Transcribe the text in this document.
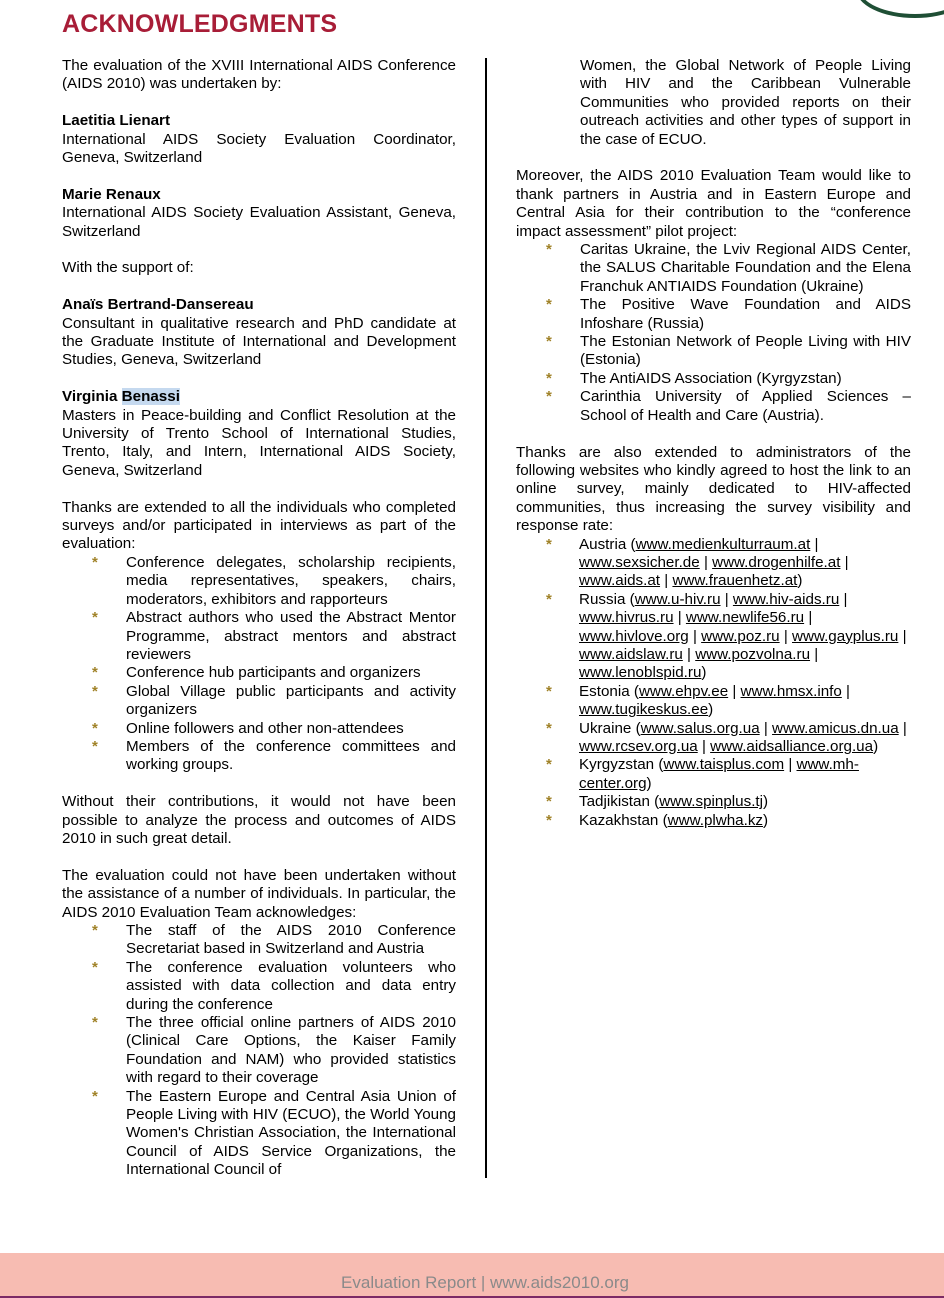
ACKNOWLEDGMENTS

The evaluation of the XVIII International AIDS Conference (AIDS 2010) was undertaken by:

Laetitia Lienart

International AIDS Society Evaluation Coordinator, Geneva, Switzerland

Marie Renaux

International AIDS Society Evaluation Assistant, Geneva, Switzerland

With the support of:

Anaïs Bertrand-Dansereau

Consultant in qualitative research and PhD candidate at the Graduate Institute of International and Development Studies, Geneva, Switzerland

Virginia Benassi

Masters in Peace-building and Conflict Resolution at the University of Trento School of International Studies, Trento, Italy, and Intern, International AIDS Society, Geneva, Switzerland

Thanks are extended to all the individuals who completed surveys and/or participated in interviews as part of the evaluation:

* Conference delegates, scholarship recipients, media representatives, speakers, chairs, moderators, exhibitors and rapporteurs
* Abstract authors who used the Abstract Mentor Programme, abstract mentors and abstract reviewers
* Conference hub participants and organizers
* Global Village public participants and activity organizers
* Online followers and other non-attendees
* Members of the conference committees and working groups.

Without their contributions, it would not have been possible to analyze the process and outcomes of AIDS 2010 in such great detail.

The evaluation could not have been undertaken without the assistance of a number of individuals. In particular, the AIDS 2010 Evaluation Team acknowledges:

* The staff of the AIDS 2010 Conference Secretariat based in Switzerland and Austria
* The conference evaluation volunteers who assisted with data collection and data entry during the conference
* The three official online partners of AIDS 2010 (Clinical Care Options, the Kaiser Family Foundation and NAM) who provided statistics with regard to their coverage
* The Eastern Europe and Central Asia Union of People Living with HIV (ECUO), the World Young Women's Christian Association, the International Council of AIDS Service Organizations, the International Council of

Women, the Global Network of People Living with HIV and the Caribbean Vulnerable Communities who provided reports on their outreach activities and other types of support in the case of ECUO.

Moreover, the AIDS 2010 Evaluation Team would like to thank partners in Austria and in Eastern Europe and Central Asia for their contribution to the “conference impact assessment” pilot project:

* Caritas Ukraine, the Lviv Regional AIDS Center, the SALUS Charitable Foundation and the Elena Franchuk ANTIAIDS Foundation (Ukraine)
* The Positive Wave Foundation and AIDS Infoshare (Russia)
* The Estonian Network of People Living with HIV (Estonia)
* The AntiAIDS Association (Kyrgyzstan)
* Carinthia University of Applied Sciences – School of Health and Care (Austria).

Thanks are also extended to administrators of the following websites who kindly agreed to host the link to an online survey, mainly dedicated to HIV-affected communities, thus increasing the survey visibility and response rate:

* Austria (www.medienkulturraum.at | www.sexsicher.de | www.drogenhilfe.at | www.aids.at | www.frauenhetz.at)
* Russia (www.u-hiv.ru | www.hiv-aids.ru | www.hivrus.ru | www.newlife56.ru | www.hivlove.org | www.poz.ru | www.gayplus.ru | www.aidslaw.ru | www.pozvolna.ru | www.lenoblspid.ru)
* Estonia (www.ehpv.ee | www.hmsx.info | www.tugikeskus.ee)
* Ukraine (www.salus.org.ua | www.amicus.dn.ua | www.rcsev.org.ua | www.aidsalliance.org.ua)
* Kyrgyzstan (www.taisplus.com | www.mh-center.org)
* Tadjikistan (www.spinplus.tj)
* Kazakhstan (www.plwha.kz)
Evaluation Report | www.aids2010.org
